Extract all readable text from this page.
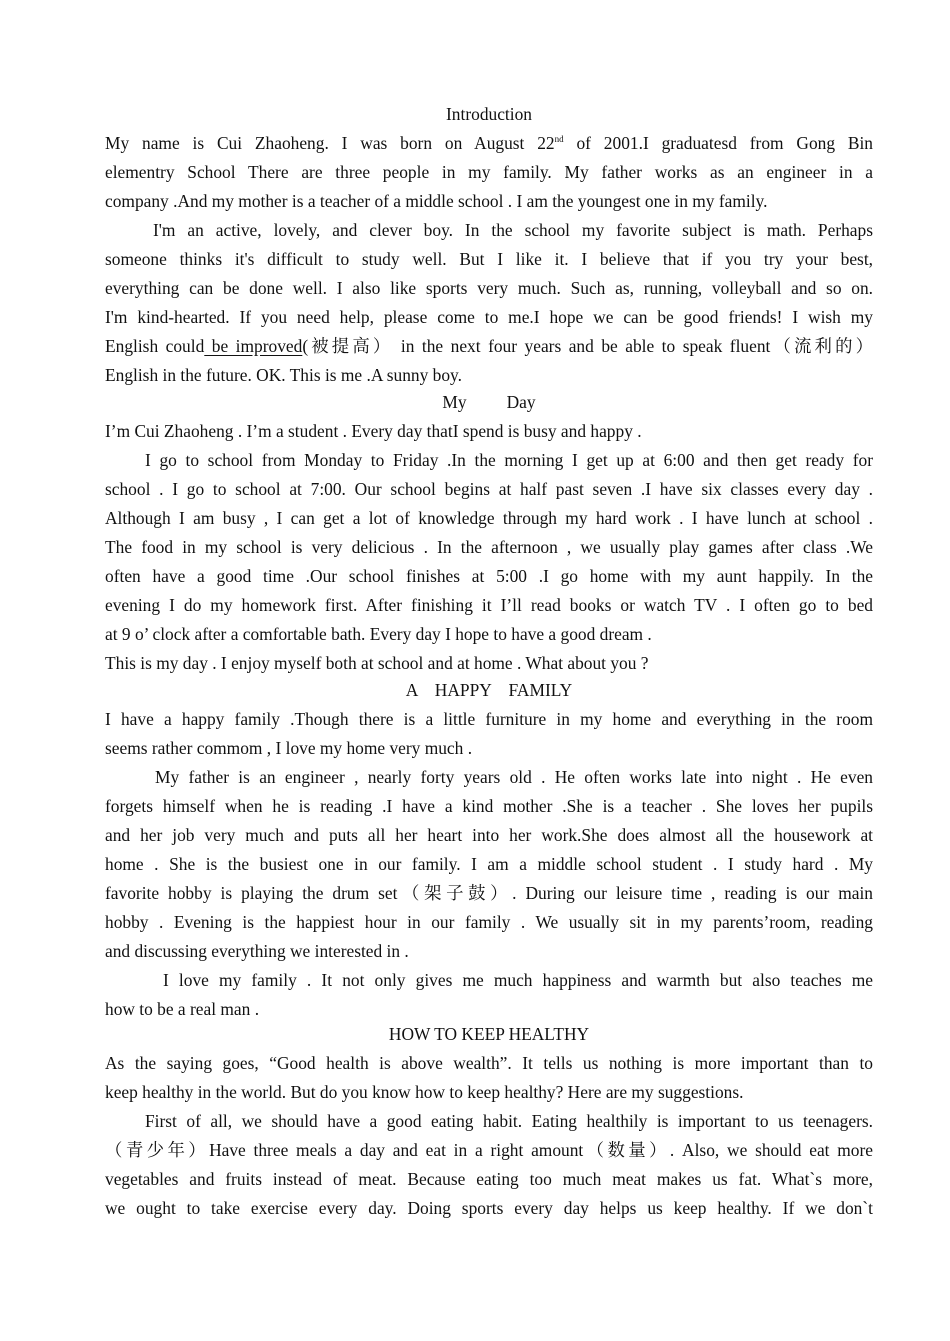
Introduction
My name is Cui Zhaoheng. I was born on August 22nd of 2001.I graduatesd from Gong Bin
elementry School There are three people in my family. My father works as an engineer in a
company .And my mother is a teacher of a middle school . I am the youngest one in my family.
I'm an active, lovely, and clever boy. In the school my favorite subject is math. Perhaps
someone thinks it's difficult to study well. But I like it. I believe that if you try your best,
everything can be done well. I also like sports very much. Such as, running, volleyball and so on.
I'm kind-hearted. If you need help, please come to me.I hope we can be good friends! I wish my
English could be improved(被提高） in the next four years and be able to speak fluent（流利的）
English in the future. OK. This is me .A sunny boy.
My Day
I’m Cui Zhaoheng . I’m a student . Every day thatI spend is busy and happy .
I go to school from Monday to Friday .In the morning I get up at 6:00 and then get ready for
school . I go to school at 7:00. Our school begins at half past seven .I have six classes every day .
Although I am busy , I can get a lot of knowledge through my hard work . I have lunch at school .
The food in my school is very delicious . In the afternoon , we usually play games after class .We
often have a good time .Our school finishes at 5:00 .I go home with my aunt happily. In the
evening I do my homework first. After finishing it I’ll read books or watch TV . I often go to bed
at 9 o’ clock after a comfortable bath. Every day I hope to have a good dream .
This is my day . I enjoy myself both at school and at home . What about you ?
A    HAPPY    FAMILY
I have a happy family .Though there is a little furniture in my home and everything in the room
seems rather commom , I love my home very much .
My father is an engineer , nearly forty years old . He often works late into night . He even
forgets himself when he is reading .I have a kind mother .She is a teacher . She loves her pupils
and her job very much and puts all her heart into her work.She does almost all the housework at
home . She is the busiest one in our family. I am a middle school student . I study hard . My
favorite hobby is playing the drum set（架子鼓）. During our leisure time , reading is our main
hobby . Evening is the happiest hour in our family . We usually sit in my parents’room, reading
and discussing everything we interested in .
I love my family . It not only gives me much happiness and warmth but also teaches me
how to be a real man .
HOW TO KEEP HEALTHY
As the saying goes, “Good health is above wealth”. It tells us nothing is more important than to
keep healthy in the world. But do you know how to keep healthy? Here are my suggestions.
First of all, we should have a good eating habit. Eating healthily is important to us teenagers.
（青少年）Have three meals a day and eat in a right amount（数量）. Also, we should eat more
vegetables and fruits instead of meat. Because eating too much meat makes us fat. What`s more,
we ought to take exercise every day. Doing sports every day helps us keep healthy. If we don`t
